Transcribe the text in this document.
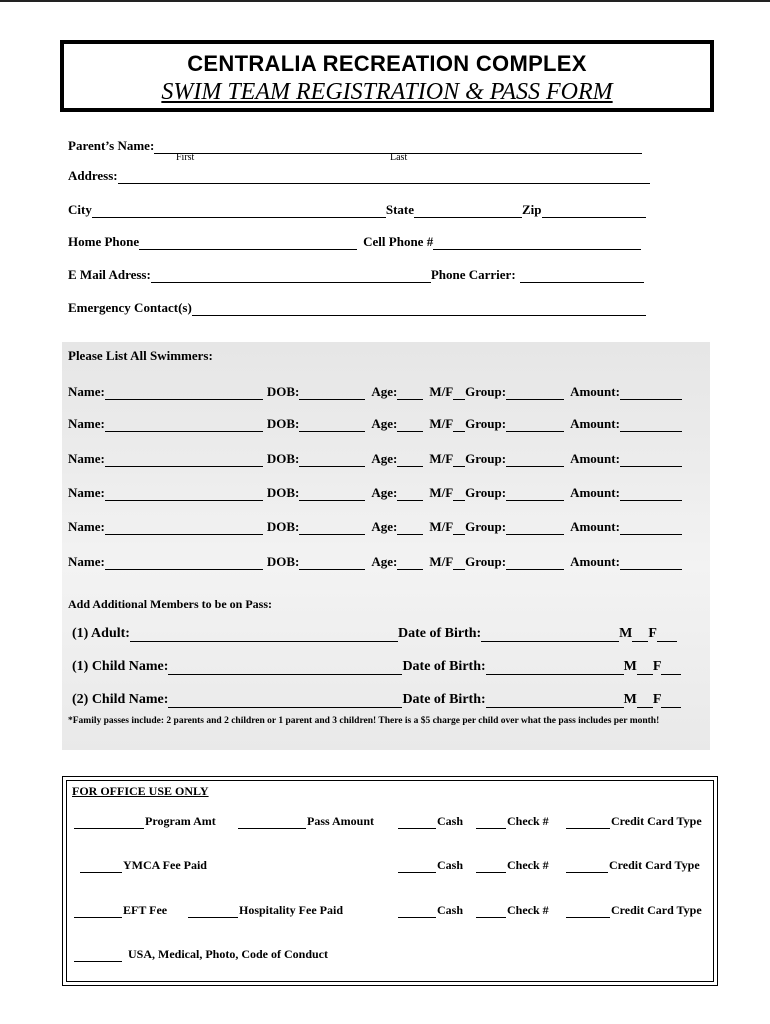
CENTRALIA RECREATION COMPLEX
SWIM TEAM REGISTRATION & PASS FORM
Parent’s Name:
First	Last
Address:
City	State	Zip
Home Phone	Cell Phone #
E Mail Adress:	Phone Carrier:
Emergency Contact(s)
Please List All Swimmers:
Name:	DOB:	Age: M/F Group:	Amount:
Name:	DOB:	Age: M/F Group:	Amount:
Name:	DOB:	Age: M/F Group:	Amount:
Name:	DOB:	Age: M/F Group:	Amount:
Name:	DOB:	Age: M/F Group:	Amount:
Name:	DOB:	Age: M/F Group:	Amount:
Add Additional Members to be on Pass:
(1) Adult:	Date of Birth:	M F
(1) Child Name:	Date of Birth:	M F
(2) Child Name:	Date of Birth:	M F
*Family passes include: 2 parents and 2 children or 1 parent and 3 children! There is a $5 charge per child over what the pass includes per month!
FOR OFFICE USE ONLY
Program Amt	Pass Amount	Cash	Check #	Credit Card Type
YMCA Fee Paid	Cash	Check #	Credit Card Type
EFT Fee	Hospitality Fee Paid	Cash	Check #	Credit Card Type
USA, Medical, Photo, Code of Conduct
